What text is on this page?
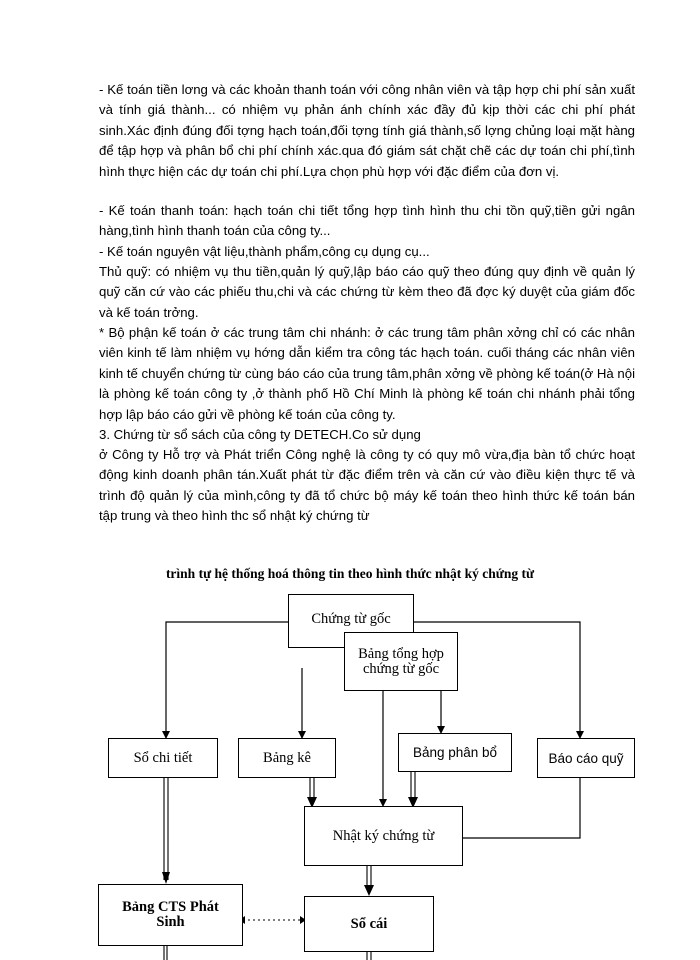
- Kế toán tiền lơng và các khoản thanh toán với công nhân viên và tập hợp chi phí sản xuất và tính giá thành... có nhiệm vụ phản ánh chính xác đầy đủ kịp thời các chi phí phát sinh.Xác định đúng đối tợng hạch toán,đối tợng tính giá thành,số lợng chủng loại mặt hàng để tập hợp và phân bổ chi phí chính xác.qua đó giám sát chặt chẽ các dự toán chi phí,tình hình thực hiện các dự toán chi phí.Lựa chọn phù hợp với đặc điểm của đơn vị.

- Kế toán thanh toán: hạch toán chi tiết tổng hợp tình hình thu chi tồn quỹ,tiền gửi ngân hàng,tình hình thanh toán của công ty...

- Kế toán nguyên vật liệu,thành phẩm,công cụ dụng cụ...

Thủ quỹ: có nhiệm vụ thu tiền,quản lý quỹ,lập báo cáo quỹ theo đúng quy định về quản lý quỹ căn cứ vào các phiếu thu,chi và các chứng từ kèm theo đã đợc ký duyệt của giám đốc và kế toán trởng.

* Bộ phận kế toán ở các trung tâm chi nhánh: ở các trung tâm phân xởng chỉ có các nhân viên kinh tế làm nhiệm vụ hớng dẫn kiểm tra công tác hạch toán. cuối tháng các nhân viên kinh tế chuyển chứng từ cùng báo cáo của trung tâm,phân xởng về phòng kế toán(ở Hà nội là phòng kế toán công ty ,ở thành phố Hồ Chí Minh là phòng kế toán chi nhánh phải tổng hợp lập báo cáo gửi về phòng kế toán của công ty.

3. Chứng từ sổ sách của công ty DETECH.Co sử dụng

ở Công ty Hỗ trợ và Phát triển Công nghệ là công ty có quy mô vừa,địa bàn tổ chức hoạt động kinh doanh phân tán.Xuất phát từ đặc điểm trên và căn cứ vào điều kiện thực tế và trình độ quản lý của mình,công ty đã tổ chức bộ máy kế toán theo hình thức kế toán bán tập trung và theo hình thc sổ nhật ký chứng từ

trình tự hệ thống hoá thông tin theo hình thức nhật ký chứng từ
Chứng từ gốc
Bảng tổng hợp chứng từ gốc
Sổ chi tiết	Bảng kê	Bảng phân bổ	Báo cáo quỹ
Nhật ký chứng từ
Bảng CTS Phát Sinh	Sổ cái
